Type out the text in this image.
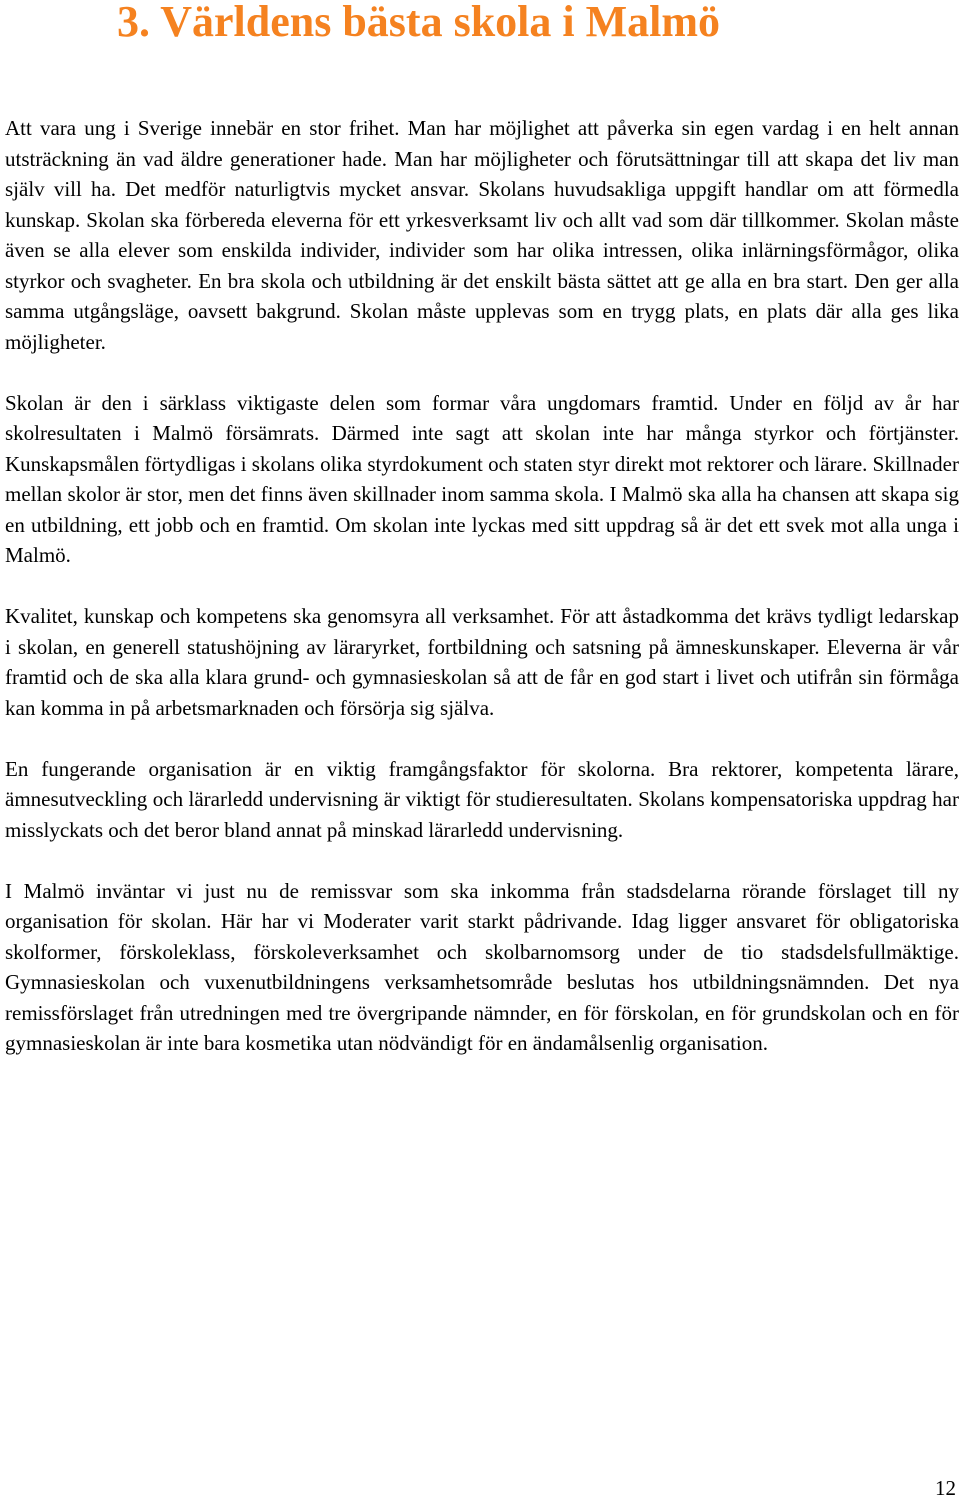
3. Världens bästa skola i Malmö

Att vara ung i Sverige innebär en stor frihet. Man har möjlighet att påverka sin egen vardag i en helt annan utsträckning än vad äldre generationer hade. Man har möjligheter och förutsättningar till att skapa det liv man själv vill ha. Det medför naturligtvis mycket ansvar. Skolans huvudsakliga uppgift handlar om att förmedla kunskap. Skolan ska förbereda eleverna för ett yrkesverksamt liv och allt vad som där tillkommer. Skolan måste även se alla elever som enskilda individer, individer som har olika intressen, olika inlärningsförmågor, olika styrkor och svagheter. En bra skola och utbildning är det enskilt bästa sättet att ge alla en bra start. Den ger alla samma utgångsläge, oavsett bakgrund. Skolan måste upplevas som en trygg plats, en plats där alla ges lika möjligheter.

Skolan är den i särklass viktigaste delen som formar våra ungdomars framtid. Under en följd av år har skolresultaten i Malmö försämrats. Därmed inte sagt att skolan inte har många styrkor och förtjänster. Kunskapsmålen förtydligas i skolans olika styrdokument och staten styr direkt mot rektorer och lärare. Skillnader mellan skolor är stor, men det finns även skillnader inom samma skola. I Malmö ska alla ha chansen att skapa sig en utbildning, ett jobb och en framtid. Om skolan inte lyckas med sitt uppdrag så är det ett svek mot alla unga i Malmö.

Kvalitet, kunskap och kompetens ska genomsyra all verksamhet. För att åstadkomma det krävs tydligt ledarskap i skolan, en generell statushöjning av läraryrket, fortbildning och satsning på ämneskunskaper. Eleverna är vår framtid och de ska alla klara grund- och gymnasieskolan så att de får en god start i livet och utifrån sin förmåga kan komma in på arbetsmarknaden och försörja sig själva.

En fungerande organisation är en viktig framgångsfaktor för skolorna. Bra rektorer, kompetenta lärare, ämnesutveckling och lärarledd undervisning är viktigt för studieresultaten. Skolans kompensatoriska uppdrag har misslyckats och det beror bland annat på minskad lärarledd undervisning.

I Malmö inväntar vi just nu de remissvar som ska inkomma från stadsdelarna rörande förslaget till ny organisation för skolan. Här har vi Moderater varit starkt pådrivande. Idag ligger ansvaret för obligatoriska skolformer, förskoleklass, förskoleverksamhet och skolbarnomsorg under de tio stadsdelsfullmäktige. Gymnasieskolan och vuxenutbildningens verksamhetsområde beslutas hos utbildningsnämnden. Det nya remissförslaget från utredningen med tre övergripande nämnder, en för förskolan, en för grundskolan och en för gymnasieskolan är inte bara kosmetika utan nödvändigt för en ändamålsenlig organisation.

12
